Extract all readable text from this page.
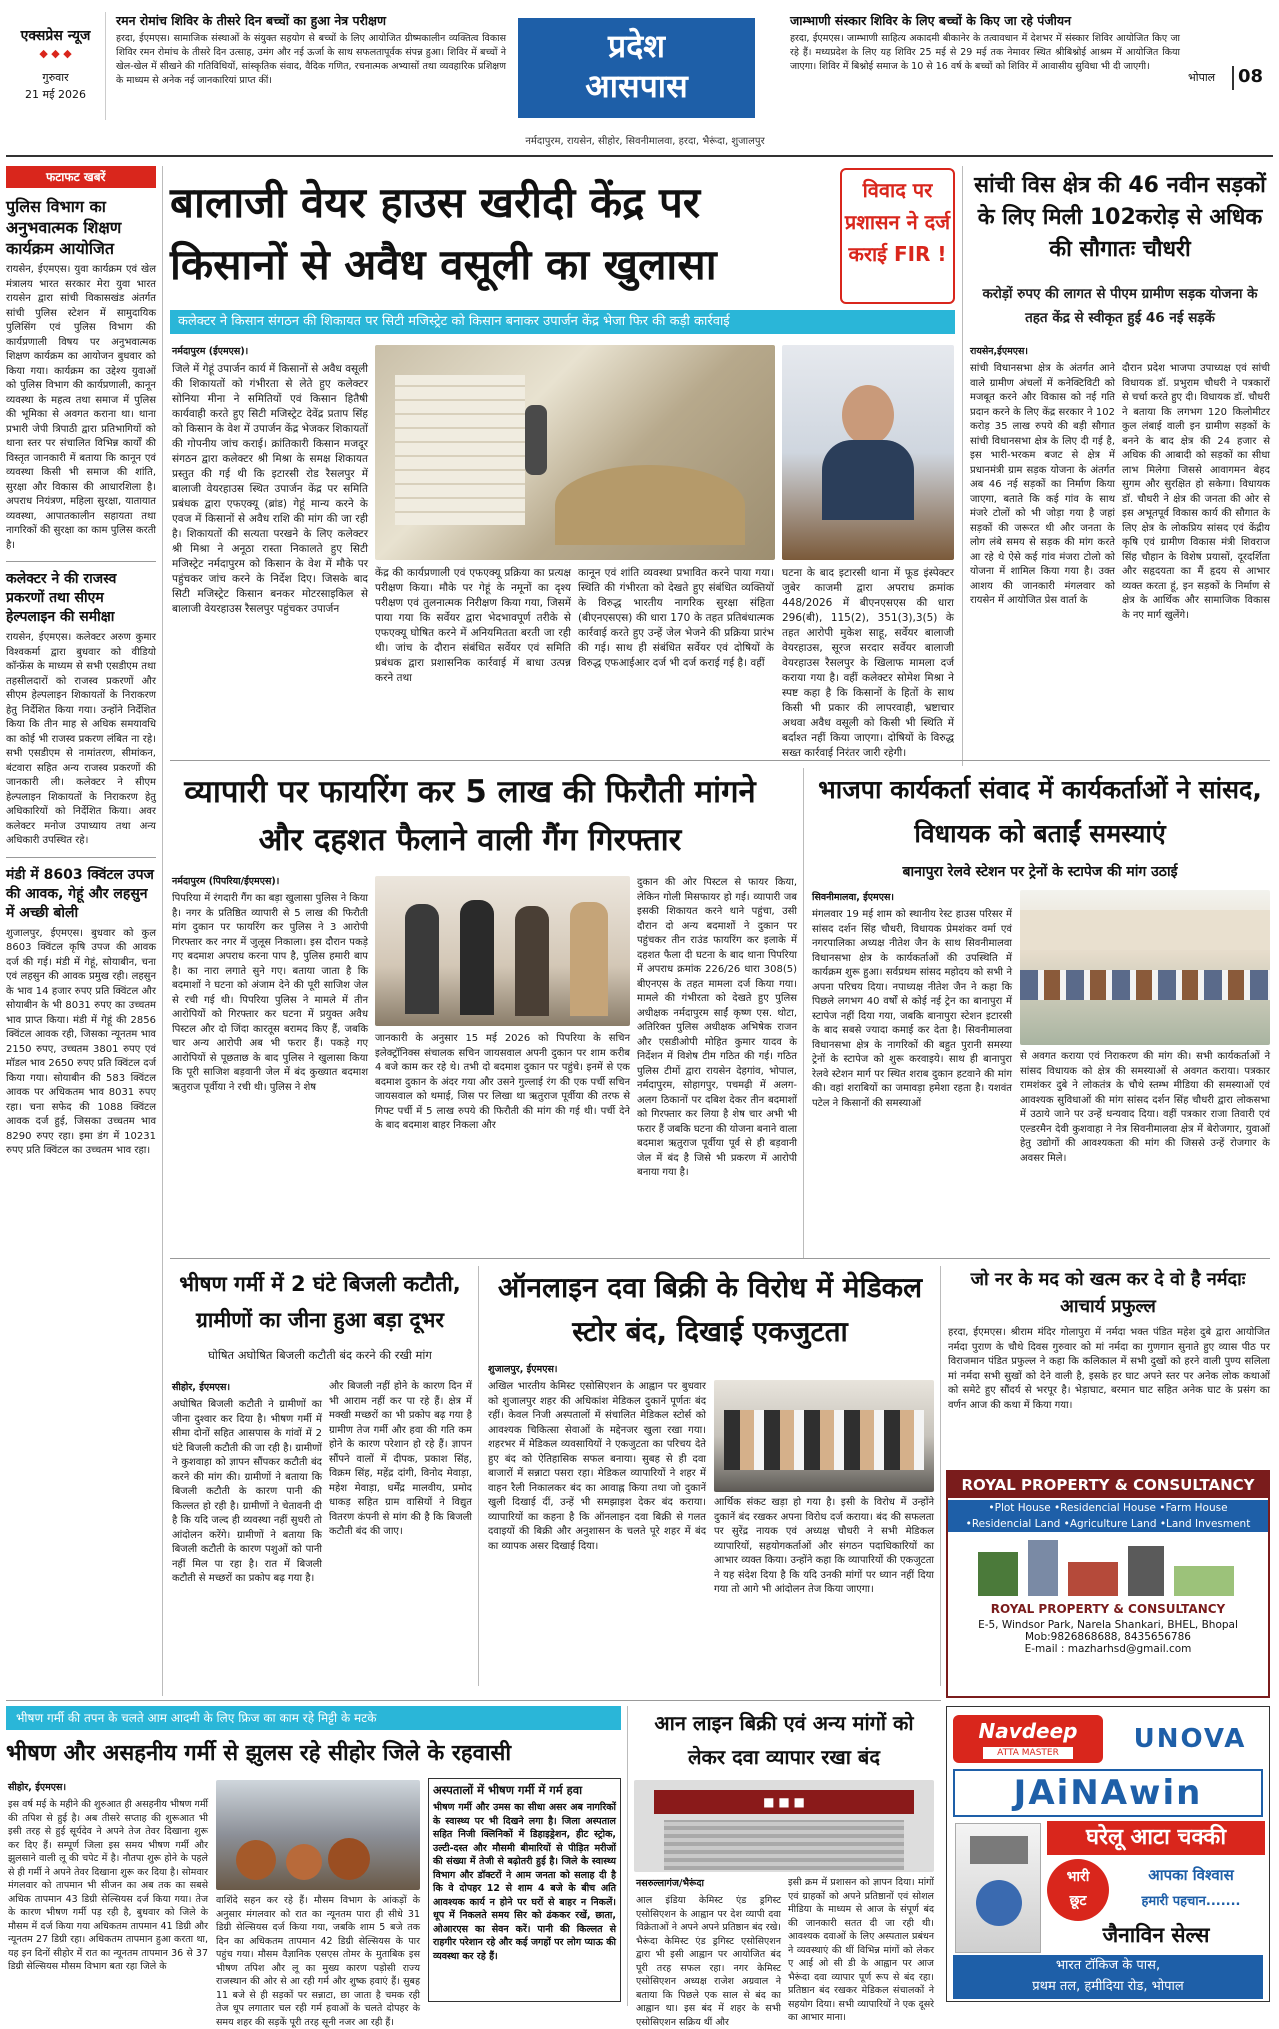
एक्सप्रेस न्यूज
◆ ◆ ◆
गुरुवार
21 मई 2026
रमन रोमांच शिविर के तीसरे दिन बच्चों का हुआ नेत्र परीक्षण
हरदा, ईएमएस। सामाजिक संस्थाओं के संयुक्त सहयोग से बच्चों के लिए आयोजित ग्रीष्मकालीन व्यक्तित्व विकास शिविर रमन रोमांच के तीसरे दिन उत्साह, उमंग और नई ऊर्जा के साथ सफलतापूर्वक संपन्न हुआ। शिविर में बच्चों ने खेल-खेल में सीखने की गतिविधियों, सांस्कृतिक संवाद, वैदिक गणित, रचनात्मक अभ्यासों तथा व्यवहारिक प्रशिक्षण के माध्यम से अनेक नई जानकारियां प्राप्त कीं।
प्रदेश
आसपास
नर्मदापुरम, रायसेन, सीहोर, सिवनीमालवा, हरदा, भैरूंदा, शुजालपुर
जाम्भाणी संस्कार शिविर के लिए बच्चों के किए जा रहे पंजीयन
हरदा, ईएमएस। जाम्भाणी साहित्य अकादमी बीकानेर के तत्वावधान में देशभर में संस्कार शिविर आयोजित किए जा रहे हैं। मध्यप्रदेश के लिए यह शिविर 25 मई से 29 मई तक नेमावर स्थित श्रीबिश्नोई आश्रम में आयोजित किया जाएगा। शिविर में बिश्नोई समाज के 10 से 16 वर्ष के बच्चों को शिविर में आवासीय सुविधा भी दी जाएगी।
भोपाल	08
फटाफट खबरें
पुलिस विभाग का अनुभवात्मक शिक्षण कार्यक्रम आयोजित
रायसेन, ईएमएस। युवा कार्यक्रम एवं खेल मंत्रालय भारत सरकार मेरा युवा भारत रायसेन द्वारा सांची विकासखंड अंतर्गत सांची पुलिस स्टेशन में सामुदायिक पुलिसिंग एवं पुलिस विभाग की कार्यप्रणाली विषय पर अनुभवात्मक शिक्षण कार्यक्रम का आयोजन बुधवार को किया गया। कार्यक्रम का उद्देश्य युवाओं को पुलिस विभाग की कार्यप्रणाली, कानून व्यवस्था के महत्व तथा समाज में पुलिस की भूमिका से अवगत कराना था। थाना प्रभारी जेपी त्रिपाठी द्वारा प्रतिभागियों को थाना स्तर पर संचालित विभिन्न कार्यों की विस्तृत जानकारी में बताया कि कानून एवं व्यवस्था किसी भी समाज की शांति, सुरक्षा और विकास की आधारशिला है। अपराध नियंत्रण, महिला सुरक्षा, यातायात व्यवस्था, आपातकालीन सहायता तथा नागरिकों की सुरक्षा का काम पुलिस करती है।
कलेक्टर ने की राजस्व प्रकरणों तथा सीएम हेल्पलाइन की समीक्षा
रायसेन, ईएमएस। कलेक्टर अरुण कुमार विश्वकर्मा द्वारा बुधवार को वीडियो कॉन्फ्रेंस के माध्यम से सभी एसडीएम तथा तहसीलदारों को राजस्व प्रकरणों और सीएम हेल्पलाइन शिकायतों के निराकरण हेतु निर्देशित किया गया। उन्होंने निर्देशित किया कि तीन माह से अधिक समयावधि का कोई भी राजस्व प्रकरण लंबित ना रहे। सभी एसडीएम से नामांतरण, सीमांकन, बंटवारा सहित अन्य राजस्व प्रकरणों की जानकारी ली। कलेक्टर ने सीएम हेल्पलाइन शिकायतों के निराकरण हेतु अधिकारियों को निर्देशित किया। अवर कलेक्टर मनोज उपाध्याय तथा अन्य अधिकारी उपस्थित रहे।
मंडी में 8603 क्विंटल उपज की आवक, गेहूं और लहसुन में अच्छी बोली
शुजालपुर, ईएमएस। बुधवार को कुल 8603 क्विंटल कृषि उपज की आवक दर्ज की गई। मंडी में गेहूं, सोयाबीन, चना एवं लहसुन की आवक प्रमुख रही। लहसुन के भाव 14 हजार रुपए प्रति क्विंटल और सोयाबीन के भी 8031 रुपए का उच्चतम भाव प्राप्त किया। मंडी में गेहूं की 2856 क्विंटल आवक रही, जिसका न्यूनतम भाव 2150 रुपए, उच्चतम 3801 रुपए एवं मॉडल भाव 2650 रुपए प्रति क्विंटल दर्ज किया गया। सोयाबीन की 583 क्विंटल आवक पर अधिकतम भाव 8031 रुपए रहा। चना सफेद की 1088 क्विंटल आवक दर्ज हुई, जिसका उच्चतम भाव 8290 रुपए रहा। इमा डंग में 10231 रुपए प्रति क्विंटल का उच्चतम भाव रहा।
बालाजी वेयर हाउस खरीदी केंद्र पर किसानों से अवैध वसूली का खुलासा
विवाद पर प्रशासन ने दर्ज कराई FIR !
कलेक्टर ने किसान संगठन की शिकायत पर सिटी मजिस्ट्रेट को किसान बनाकर उपार्जन केंद्र भेजा फिर की कड़ी कार्रवाई
नर्मदापुरम (ईएमएस)।
जिले में गेहूं उपार्जन कार्य में किसानों से अवैध वसूली की शिकायतों को गंभीरता से लेते हुए कलेक्टर सोनिया मीना ने समितियों एवं किसान हितैषी कार्यवाही करते हुए सिटी मजिस्ट्रेट देवेंद्र प्रताप सिंह को किसान के वेश में उपार्जन केंद्र भेजकर शिकायतों की गोपनीय जांच कराई। क्रांतिकारी किसान मजदूर संगठन द्वारा कलेक्टर श्री मिश्रा के समक्ष शिकायत प्रस्तुत की गई थी कि इटारसी रोड रैसलपुर में बालाजी वेयरहाउस स्थित उपार्जन केंद्र पर समिति प्रबंधक द्वारा एफएक्यू (ब्रांड) गेहूं मान्य करने के एवज में किसानों से अवैध राशि की मांग की जा रही है। शिकायतों की सत्यता परखने के लिए कलेक्टर श्री मिश्रा ने अनूठा रास्ता निकालते हुए सिटी मजिस्ट्रेट नर्मदापुरम को किसान के वेश में मौके पर पहुंचकर जांच करने के निर्देश दिए। जिसके बाद सिटी मजिस्ट्रेट किसान बनकर मोटरसाइकिल से बालाजी वेयरहाउस रैसलपुर पहुंचकर उपार्जन
केंद्र की कार्यप्रणाली एवं एफएक्यू प्रक्रिया का प्रत्यक्ष परीक्षण किया। मौके पर गेहूं के नमूनों का दृश्य परीक्षण एवं तुलनात्मक निरीक्षण किया गया, जिसमें पाया गया कि सर्वेयर द्वारा भेदभावपूर्ण तरीके से एफएक्यू घोषित करने में अनियमितता बरती जा रही थी। जांच के दौरान संबंधित सर्वेयर एवं समिति प्रबंधक द्वारा प्रशासनिक कार्रवाई में बाधा उत्पन्न करने तथा
कानून एवं शांति व्यवस्था प्रभावित करने पाया गया। स्थिति की गंभीरता को देखते हुए संबंधित व्यक्तियों के विरुद्ध भारतीय नागरिक सुरक्षा संहिता (बीएनएसएस) की धारा 170 के तहत प्रतिबंधात्मक कार्रवाई करते हुए उन्हें जेल भेजने की प्रक्रिया प्रारंभ की गई। साथ ही संबंधित सर्वेयर एवं दोषियों के विरुद्ध एफआईआर दर्ज भी दर्ज कराई गई है। वहीं
घटना के बाद इटारसी थाना में फूड इंस्पेक्टर जुबेर काजमी द्वारा अपराध क्रमांक 448/2026 में बीएनएसएस की धारा 296(बी), 115(2), 351(3),3(5) के तहत आरोपी मुकेश साहू, सर्वेयर बालाजी वेयरहाउस, सूरज सरदार सर्वेयर बालाजी वेयरहाउस रैसलपुर के खिलाफ मामला दर्ज कराया गया है। वहीं कलेक्टर सोमेश मिश्रा ने स्पष्ट कहा है कि किसानों के हितों के साथ किसी भी प्रकार की लापरवाही, भ्रष्टाचार अथवा अवैध वसूली को किसी भी स्थिति में बर्दाश्त नहीं किया जाएगा। दोषियों के विरुद्ध सख्त कार्रवाई निरंतर जारी रहेगी।
सांची विस क्षेत्र की 46 नवीन सड़कों के लिए मिली 102करोड़ से अधिक की सौगातः चौधरी
करोड़ों रुपए की लागत से पीएम ग्रामीण सड़क योजना के तहत केंद्र से स्वीकृत हुई 46 नई सड़कें
रायसेन,ईएमएस।
सांची विधानसभा क्षेत्र के अंतर्गत आने वाले ग्रामीण अंचलों में कनेक्टिविटी को मजबूत करने और विकास को नई गति प्रदान करने के लिए केंद्र सरकार ने 102 करोड़ 35 लाख रुपये की बड़ी सौगात सांची विधानसभा क्षेत्र के लिए दी गई है, इस भारी-भरकम बजट से क्षेत्र में प्रधानमंत्री ग्राम सड़क योजना के अंतर्गत अब 46 नई सड़कों का निर्माण किया जाएगा, बताते कि कई गांव के साथ मंजरे टोलों को भी जोड़ा गया है जहां सड़कों की जरूरत थी और जनता के लोग लंबे समय से सड़क की मांग करते आ रहे थे ऐसे कई गांव मंजरा टोलो को योजना में शामिल किया गया है। उक्त आशय की जानकारी मंगलवार को रायसेन में आयोजित प्रेस वार्ता के
दौरान प्रदेश भाजपा उपाध्यक्ष एवं सांची विधायक डॉ. प्रभुराम चौधरी ने पत्रकारों से चर्चा करते हुए दी। विधायक डॉ. चौधरी ने बताया कि लगभग 120 किलोमीटर कुल लंबाई वाली इन ग्रामीण सड़कों के बनने के बाद क्षेत्र की 24 हजार से अधिक की आबादी को सड़कों का सीधा लाभ मिलेगा जिससे आवागमन बेहद सुगम और सुरक्षित हो सकेगा। विधायक डॉ. चौधरी ने क्षेत्र की जनता की ओर से इस अभूतपूर्व विकास कार्य की सौगात के लिए क्षेत्र के लोकप्रिय सांसद एवं केंद्रीय कृषि एवं ग्रामीण विकास मंत्री शिवराज सिंह चौहान के विशेष प्रयासों, दूरदर्शिता और सहृदयता का मैं हृदय से आभार व्यक्त करता हूं, इन सड़कों के निर्माण से क्षेत्र के आर्थिक और सामाजिक विकास के नए मार्ग खुलेंगे।
व्यापारी पर फायरिंग कर 5 लाख की फिरौती मांगने और दहशत फैलाने वाली गैंग गिरफ्तार
नर्मदापुरम (पिपरिया/ईएमएस)।
पिपरिया में रंगदारी गैंग का बड़ा खुलासा पुलिस ने किया है। नगर के प्रतिष्ठित व्यापारी से 5 लाख की फिरौती मांग दुकान पर फायरिंग कर पुलिस ने 3 आरोपी गिरफ्तार कर नगर में जुलूस निकाला। इस दौरान पकड़े गए बदमाश अपराध करना पाप है, पुलिस हमारी बाप है। का नारा लगाते सुने गए। बताया जाता है कि बदमाशों ने घटना को अंजाम देने की पूरी साजिश जेल से रची गई थी। पिपरिया पुलिस ने मामले में तीन आरोपियों को गिरफ्तार कर घटना में प्रयुक्त अवैध पिस्टल और दो जिंदा कारतूस बरामद किए हैं, जबकि चार अन्य आरोपी अब भी फरार हैं। पकड़े गए आरोपियों से पूछताछ के बाद पुलिस ने खुलासा किया कि पूरी साजिश बड़वानी जेल में बंद कुख्यात बदमाश ऋतुराज पूर्वीया ने रची थी। पुलिस ने शेष
जानकारी के अनुसार 15 मई 2026 को पिपरिया के सचिन इलेक्ट्रॉनिक्स संचालक सचिन जायसवाल अपनी दुकान पर शाम करीब 4 बजे काम कर रहे थे। तभी दो बदमाश दुकान पर पहुंचे। इनमें से एक बदमाश दुकान के अंदर गया और उसने गुल्लाई रंग की एक पर्ची सचिन जायसवाल को थमाई, जिस पर लिखा था ऋतुराज पूर्वीया की तरफ से गिफ्ट पर्ची में 5 लाख रुपये की फिरौती की मांग की गई थी। पर्ची देने के बाद बदमाश बाहर निकला और
दुकान की ओर पिस्टल से फायर किया, लेकिन गोली मिसफायर हो गई। व्यापारी जब इसकी शिकायत करने थाने पहुंचा, उसी दौरान दो अन्य बदमाशों ने दुकान पर पहुंचकर तीन राउंड फायरिंग कर इलाके में दहशत फैला दी घटना के बाद थाना पिपरिया में अपराध क्रमांक 226/26 धारा 308(5) बीएनएस के तहत मामला दर्ज किया गया। मामले की गंभीरता को देखते हुए पुलिस अधीक्षक नर्मदापुरम साईं कृष्ण एस. थोटा, अतिरिक्त पुलिस अधीक्षक अभिषेक राजन और एसडीओपी मोहित कुमार यादव के निर्देशन में विशेष टीम गठित की गई। गठित पुलिस टीमों द्वारा रायसेन देहगांव, भोपाल, नर्मदापुरम, सोहागपुर, पचमढ़ी में अलग-अलग ठिकानों पर दबिश देकर तीन बदमाशों को गिरफ्तार कर लिया है शेष चार अभी भी फरार हैं जबकि घटना की योजना बनाने वाला बदमाश ऋतुराज पूर्वीया पूर्व से ही बड़वानी जेल में बंद है जिसे भी प्रकरण में आरोपी बनाया गया है।
भाजपा कार्यकर्ता संवाद में कार्यकर्ताओं ने सांसद, विधायक को बताईं समस्याएं
बानापुरा रेलवे स्टेशन पर ट्रेनों के स्टापेज की मांग उठाई
सिवनीमालवा, ईएमएस।
मंगलवार 19 मई शाम को स्थानीय रेस्ट हाउस परिसर में सांसद दर्शन सिंह चौधरी, विधायक प्रेमशंकर वर्मा एवं नगरपालिका अध्यक्ष नीतेश जैन के साथ सिवनीमालवा विधानसभा क्षेत्र के कार्यकर्ताओं की उपस्थिति में कार्यक्रम शुरू हुआ। सर्वप्रथम सांसद महोदय को सभी ने अपना परिचय दिया। नपाध्यक्ष नीतेश जैन ने कहा कि पिछले लगभग 40 वर्षों से कोई नई ट्रेन का बानापुरा में स्टापेज नहीं दिया गया, जबकि बानापुरा स्टेशन इटारसी के बाद सबसे ज्यादा कमाई कर देता है। सिवनीमालवा विधानसभा क्षेत्र के नागरिकों की बहुत पुरानी समस्या ट्रेनों के स्टापेज को शुरू करवाइये। साथ ही बानापुरा रेलवे स्टेशन मार्ग पर स्थित शराब दुकान हटवाने की मांग की। वहां शराबियों का जमावड़ा हमेशा रहता है। यशवंत पटेल ने किसानों की समस्याओं
से अवगत कराया एवं निराकरण की मांग की। सभी कार्यकर्ताओं ने सांसद विधायक को क्षेत्र की समस्याओं से अवगत कराया। पत्रकार रामशंकर दुबे ने लोकतंत्र के चौथे स्तम्भ मीडिया की समस्याओं एवं आवश्यक सुविधाओं की मांग सांसद दर्शन सिंह चौधरी द्वारा लोकसभा में उठाये जाने पर उन्हें धन्यवाद दिया। वहीं पत्रकार राजा तिवारी एवं एल्डरमैन देवी कुशवाहा ने नेत्र सिवनीमालवा क्षेत्र में बेरोजगार, युवाओं हेतु उद्योगों की आवश्यकता की मांग की जिससे उन्हें रोजगार के अवसर मिले।
भीषण गर्मी में 2 घंटे बिजली कटौती, ग्रामीणों का जीना हुआ बड़ा दूभर
घोषित अघोषित बिजली कटौती बंद करने की रखी मांग
सीहोर, ईएमएस।
अघोषित बिजली कटौती ने ग्रामीणों का जीना दुश्वार कर दिया है। भीषण गर्मी में सीमा दोनों सहित आसपास के गांवों में 2 घंटे बिजली कटौती की जा रही है। ग्रामीणों ने कुशवाहा को ज्ञापन सौंपकर कटौती बंद करने की मांग की। ग्रामीणों ने बताया कि बिजली कटौती के कारण पानी की किल्लत हो रही है। ग्रामीणों ने चेतावनी दी है कि यदि जल्द ही व्यवस्था नहीं सुधरी तो आंदोलन करेंगे। ग्रामीणों ने बताया कि बिजली कटौती के कारण पशुओं को पानी नहीं मिल पा रहा है। रात में बिजली कटौती से मच्छरों का प्रकोप बढ़ गया है।
और बिजली नहीं होने के कारण दिन में भी आराम नहीं कर पा रहे हैं। क्षेत्र में मक्खी मच्छरों का भी प्रकोप बढ़ गया है ग्रामीण तेज गर्मी और हवा की गति कम होने के कारण परेशान हो रहे हैं। ज्ञापन सौंपने वालों में दीपक, प्रकाश सिंह, विक्रम सिंह, महेंद्र दांगी, विनोद मेवाड़ा, महेश मेवाड़ा, धर्मेंद्र मालवीय, प्रमोद धाकड़ सहित ग्राम वासियों ने विद्युत वितरण कंपनी से मांग की है कि बिजली कटौती बंद की जाए।
ऑनलाइन दवा बिक्री के विरोध में मेडिकल स्टोर बंद, दिखाई एकजुटता
शुजालपुर, ईएमएस।
अखिल भारतीय केमिस्ट एसोसिएशन के आह्वान पर बुधवार को शुजालपुर शहर की अधिकांश मेडिकल दुकानें पूर्णतः बंद रहीं। केवल निजी अस्पतालों में संचालित मेडिकल स्टोर्स को आवश्यक चिकित्सा सेवाओं के मद्देनजर खुला रखा गया। शहरभर में मेडिकल व्यवसायियों ने एकजुटता का परिचय देते हुए बंद को ऐतिहासिक सफल बनाया। सुबह से ही दवा बाजारों में सन्नाटा पसरा रहा। मेडिकल व्यापारियों ने शहर में वाहन रैली निकालकर बंद का आवाह्न किया तथा जो दुकानें खुली दिखाई दीं, उन्हें भी समझाइश देकर बंद कराया। व्यापारियों का कहना है कि ऑनलाइन दवा बिक्री से गलत दवाइयों की बिक्री और अनुशासन के चलते पूरे शहर में बंद का व्यापक असर दिखाई दिया।
आर्थिक संकट खड़ा हो गया है। इसी के विरोध में उन्होंने दुकानें बंद रखकर अपना विरोध दर्ज कराया। बंद की सफलता पर सुरेंद्र नायक एवं अध्यक्ष चौधरी ने सभी मेडिकल व्यापारियों, सहयोगकर्ताओं और संगठन पदाधिकारियों का आभार व्यक्त किया। उन्होंने कहा कि व्यापारियों की एकजुटता ने यह संदेश दिया है कि यदि उनकी मांगों पर ध्यान नहीं दिया गया तो आगे भी आंदोलन तेज किया जाएगा।
जो नर के मद को खत्म कर दे वो है नर्मदाः आचार्य प्रफुल्ल
हरदा, ईएमएस। श्रीराम मंदिर गोलापुरा में नर्मदा भक्त पंडित महेश दुबे द्वारा आयोजित नर्मदा पुराण के चौथे दिवस गुरुवार को मां नर्मदा का गुणगान सुनाते हुए व्यास पीठ पर विराजमान पंडित प्रफुल्ल ने कहा कि कलिकाल में सभी दुखों को हरने वाली पुण्य सलिला मां नर्मदा सभी सुखों को देने वाली है, इसके हर घाट अपने स्तर पर अनेक लोक कथाओं को समेटे हुए सौंदर्य से भरपूर है। भेड़ाघाट, बरमान घाट सहित अनेक घाट के प्रसंग का वर्णन आज की कथा में किया गया।
ROYAL PROPERTY & CONSULTANCY
•Plot House •Residencial House •Farm House
•Residencial Land •Agriculture Land •Land Invesment
ROYAL PROPERTY & CONSULTANCY
E-5, Windsor Park, Narela Shankari, BHEL, Bhopal
Mob:9826868688, 8435656786
E-mail : mazharhsd@gmail.com
भीषण गर्मी की तपन के चलते आम आदमी के लिए फ्रिज का काम रहे मिट्टी के मटके
भीषण और असहनीय गर्मी से झुलस रहे सीहोर जिले के रहवासी
सीहोर, ईएमएस।
इस वर्ष मई के महीने की शुरुआत ही असहनीय भीषण गर्मी की तपिश से हुई है। अब तीसरे सप्ताह की शुरूआत भी इसी तरह से हुई सूर्यदेव ने अपने तेज तेवर दिखाना शुरू कर दिए हैं। सम्पूर्ण जिला इस समय भीषण गर्मी और झुलसाने वाली लू की चपेट में है। नौतपा शुरू होने के पहले से ही गर्मी ने अपने तेवर दिखाना शुरू कर दिया है। सोमवार मंगलवार को तापमान भी सीजन का अब तक का सबसे अधिक तापमान 43 डिग्री सेल्सियस दर्ज किया गया। तेज के कारण भीषण गर्मी पड़ रही है, बुधवार को जिले के मौसम में दर्ज किया गया अधिकतम तापमान 41 डिग्री और न्यूनतम 27 डिग्री रहा। अधिकतम तापमान हुआ करता था, यह इन दिनों सीहोर में रात का न्यूनतम तापमान 36 से 37 डिग्री सेल्सियस मौसम विभाग बता रहा जिले के
वाशिंदे सहन कर रहे हैं। मौसम विभाग के आंकड़ों के अनुसार मंगलवार को रात का न्यूनतम पारा ही सीधे 31 डिग्री सेल्सियस दर्ज किया गया, जबकि शाम 5 बजे तक दिन का अधिकतम तापमान 42 डिग्री सेल्सियस के पार पहुंच गया। मौसम वैज्ञानिक एसएस तोमर के मुताबिक इस भीषण तपिश और लू का मुख्य कारण पड़ोसी राज्य राजस्थान की ओर से आ रही गर्म और शुष्क हवाएं हैं। सुबह 11 बजे से ही सड़कों पर सन्नाटा, छा जाता है चमक रही तेज धूप लगातार चल रही गर्म हवाओं के चलते दोपहर के समय शहर की सड़कें पूरी तरह सूनी नजर आ रही हैं।
अस्पतालों में भीषण गर्मी में गर्म हवा
भीषण गर्मी और उमस का सीधा असर अब नागरिकों के स्वास्थ्य पर भी दिखने लगा है। जिला अस्पताल सहित निजी क्लिनिकों में डिहाइड्रेशन, हीट स्ट्रोक, उल्टी-दस्त और मौसमी बीमारियों से पीड़ित मरीजों की संख्या में तेजी से बढ़ोतरी हुई है। जिले के स्वास्थ्य विभाग और डॉक्टरों ने आम जनता को सलाह दी है कि वे दोपहर 12 से शाम 4 बजे के बीच अति आवश्यक कार्य न होने पर घरों से बाहर न निकलें। धूप में निकलते समय सिर को ढंककर रखें, छाता, ओआरएस का सेवन करें। पानी की किल्लत से राहगीर परेशान रहे और कई जगहों पर लोग प्याऊ की व्यवस्था कर रहे हैं।
आन लाइन बिक्री एवं अन्य मांगों को लेकर दवा व्यापार रखा बंद
■ ■ ■
नसरुल्लागंज/भैरूंदा
आल इंडिया केमिस्ट एंड ड्रगिस्ट एसोसिएशन के आह्वान पर देश व्यापी दवा विक्रेताओं ने अपने अपने प्रतिष्ठान बंद रखे। भैरूंदा केमिस्ट एंड ड्रगिस्ट एसोसिएशन द्वारा भी इसी आह्वान पर आयोजित बंद पूरी तरह सफल रहा। नगर केमिस्ट एसोसिएशन अध्यक्ष राजेश अग्रवाल ने बताया कि पिछले एक साल से बंद का आह्वान था। इस बंद में शहर के सभी एसोसिएशन सक्रिय थीं और
इसी क्रम में प्रशासन को ज्ञापन दिया। मांगों एवं ग्राहकों को अपने प्रतिष्ठानों एवं सोशल मीडिया के माध्यम से आज के संपूर्ण बंद की जानकारी सतत दी जा रही थी। आवश्यक दवाओं के लिए अस्पताल प्रबंधन ने व्यवस्थाएं की थीं विभिन्न मांगों को लेकर ए आई ओ सी डी के आह्वान पर आज भैरूंदा दवा व्यापार पूर्ण रूप से बंद रहा। प्रतिष्ठान बंद रखकर मेडिकल संचालकों ने सहयोग दिया। सभी व्यापारियों ने एक दूसरे का आभार माना।
Navdeep
ATTA MASTER	UNOVA
JAiNAwin
घरेलू आटा चक्की
भारी
छूट
आपका विश्वास
हमारी पहचान.......
जैनाविन सेल्स
भारत टॉकिज के पास,
प्रथम तल, हमीदिया रोड, भोपाल
